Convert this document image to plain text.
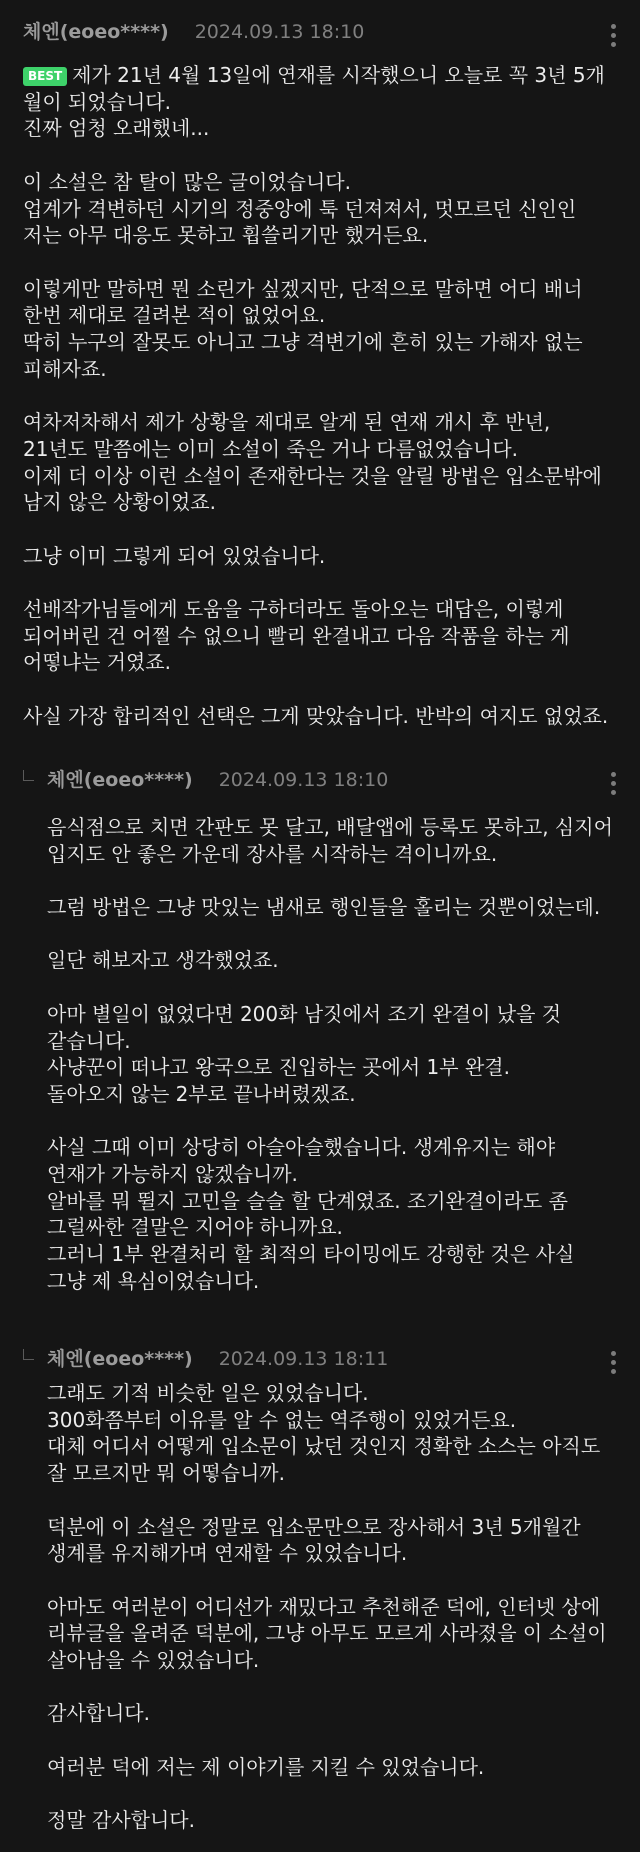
체엔(eoeo****) 2024.09.13 18:10

BEST 제가 21년 4월 13일에 연재를 시작했으니 오늘로 꼭 3년 5개

월이 되었습니다.

진짜 엄청 오래했네...

이 소설은 참 탈이 많은 글이었습니다.

업계가 격변하던 시기의 정중앙에 툭 던져져서, 멋모르던 신인인

저는 아무 대응도 못하고 휩쓸리기만 했거든요.

이렇게만 말하면 뭔 소린가 싶겠지만, 단적으로 말하면 어디 배너

한번 제대로 걸려본 적이 없었어요.

딱히 누구의 잘못도 아니고 그냥 격변기에 흔히 있는 가해자 없는

피해자죠.

여차저차해서 제가 상황을 제대로 알게 된 연재 개시 후 반년,

21년도 말쯤에는 이미 소설이 죽은 거나 다름없었습니다.

이제 더 이상 이런 소설이 존재한다는 것을 알릴 방법은 입소문밖에

남지 않은 상황이었죠.

그냥 이미 그렇게 되어 있었습니다.

선배작가님들에게 도움을 구하더라도 돌아오는 대답은, 이렇게

되어버린 건 어쩔 수 없으니 빨리 완결내고 다음 작품을 하는 게

어떻냐는 거였죠.

사실 가장 합리적인 선택은 그게 맞았습니다. 반박의 여지도 없었죠.

체엔(eoeo****) 2024.09.13 18:10

음식점으로 치면 간판도 못 달고, 배달앱에 등록도 못하고, 심지어

입지도 안 좋은 가운데 장사를 시작하는 격이니까요.

그럼 방법은 그냥 맛있는 냄새로 행인들을 홀리는 것뿐이었는데.

일단 해보자고 생각했었죠.

아마 별일이 없었다면 200화 남짓에서 조기 완결이 났을 것

같습니다.

사냥꾼이 떠나고 왕국으로 진입하는 곳에서 1부 완결.

돌아오지 않는 2부로 끝나버렸겠죠.

사실 그때 이미 상당히 아슬아슬했습니다. 생계유지는 해야

연재가 가능하지 않겠습니까.

알바를 뭐 뛸지 고민을 슬슬 할 단계였죠. 조기완결이라도 좀

그럴싸한 결말은 지어야 하니까요.

그러니 1부 완결처리 할 최적의 타이밍에도 강행한 것은 사실

그냥 제 욕심이었습니다.

체엔(eoeo****) 2024.09.13 18:11

그래도 기적 비슷한 일은 있었습니다.

300화쯤부터 이유를 알 수 없는 역주행이 있었거든요.

대체 어디서 어떻게 입소문이 났던 것인지 정확한 소스는 아직도

잘 모르지만 뭐 어떻습니까.

덕분에 이 소설은 정말로 입소문만으로 장사해서 3년 5개월간

생계를 유지해가며 연재할 수 있었습니다.

아마도 여러분이 어디선가 재밌다고 추천해준 덕에, 인터넷 상에

리뷰글을 올려준 덕분에, 그냥 아무도 모르게 사라졌을 이 소설이

살아남을 수 있었습니다.

감사합니다.

여러분 덕에 저는 제 이야기를 지킬 수 있었습니다.

정말 감사합니다.
